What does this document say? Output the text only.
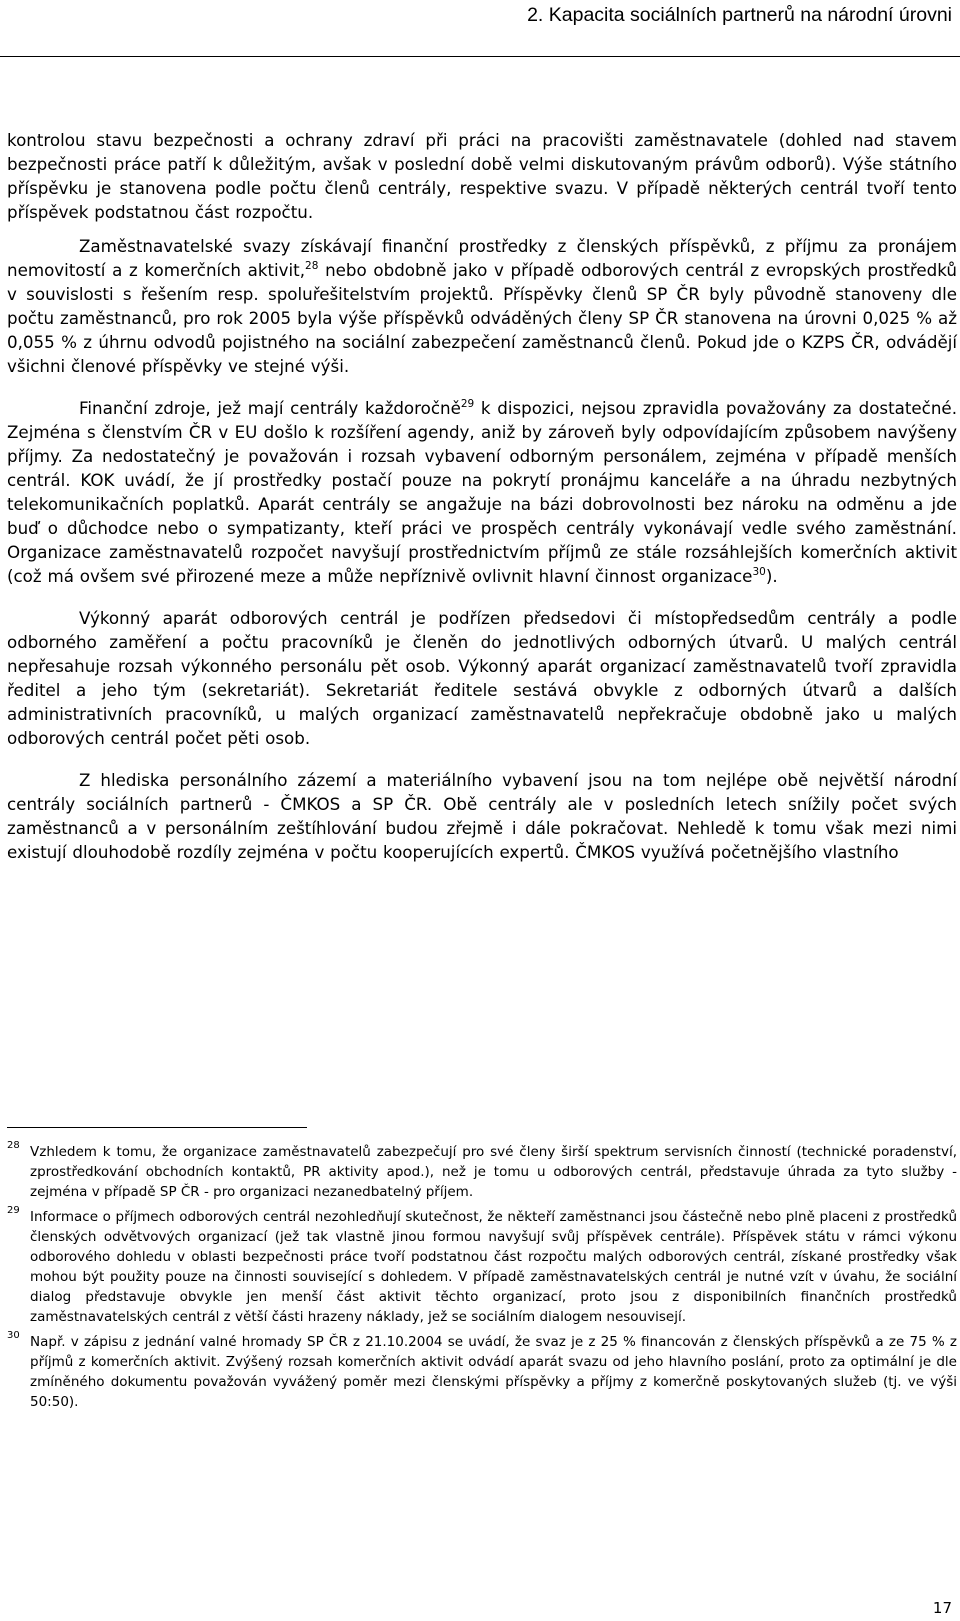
2. Kapacita sociálních partnerů na národní úrovni

kontrolou stavu bezpečnosti a ochrany zdraví při práci na pracovišti zaměstnavatele (dohled nad stavem bezpečnosti práce patří k důležitým, avšak v poslední době velmi diskutovaným právům odborů). Výše státního příspěvku je stanovena podle počtu členů centrály, respektive svazu. V případě některých centrál tvoří tento příspěvek podstatnou část rozpočtu.

Zaměstnavatelské svazy získávají finanční prostředky z členských příspěvků, z příjmu za pronájem nemovitostí a z komerčních aktivit,$^{28}$ nebo obdobně jako v případě odborových centrál z evropských prostředků v souvislosti s řešením resp. spoluřešitelstvím projektů. Příspěvky členů SP ČR byly původně stanoveny dle počtu zaměstnanců, pro rok 2005 byla výše příspěvků odváděných členy SP ČR stanovena na úrovni 0,025 % až 0,055 % z úhrnu odvodů pojistného na sociální zabezpečení zaměstnanců členů. Pokud jde o KZPS ČR, odvádějí všichni členové příspěvky ve stejné výši.

Finanční zdroje, jež mají centrály každoročně$^{29}$ k dispozici, nejsou zpravidla považovány za dostatečné. Zejména s členstvím ČR v EU došlo k rozšíření agendy, aniž by zároveň byly odpovídajícím způsobem navýšeny příjmy. Za nedostatečný je považován i rozsah vybavení odborným personálem, zejména v případě menších centrál. KOK uvádí, že jí prostředky postačí pouze na pokrytí pronájmu kanceláře a na úhradu nezbytných telekomunikačních poplatků. Aparát centrály se angažuje na bázi dobrovolnosti bez nároku na odměnu a jde buď o důchodce nebo o sympatizanty, kteří práci ve prospěch centrály vykonávají vedle svého zaměstnání. Organizace zaměstnavatelů rozpočet navyšují prostřednictvím příjmů ze stále rozsáhlejších komerčních aktivit (což má ovšem své přirozené meze a může nepříznivě ovlivnit hlavní činnost organizace$^{30}$).

Výkonný aparát odborových centrál je podřízen předsedovi či místopředsedům centrály a podle odborného zaměření a počtu pracovníků je členěn do jednotlivých odborných útvarů. U malých centrál nepřesahuje rozsah výkonného personálu pět osob. Výkonný aparát organizací zaměstnavatelů tvoří zpravidla ředitel a jeho tým (sekretariát). Sekretariát ředitele sestává obvykle z odborných útvarů a dalších administrativních pracovníků, u malých organizací zaměstnavatelů nepřekračuje obdobně jako u malých odborových centrál počet pěti osob.

Z hlediska personálního zázemí a materiálního vybavení jsou na tom nejlépe obě největší národní centrály sociálních partnerů - ČMKOS a SP ČR. Obě centrály ale v posledních letech snížily počet svých zaměstnanců a v personálním zeštíhlování budou zřejmě i dále pokračovat. Nehledě k tomu však mezi nimi existují dlouhodobě rozdíly zejména v počtu kooperujících expertů. ČMKOS využívá početnějšího vlastního

28 Vzhledem k tomu, že organizace zaměstnavatelů zabezpečují pro své členy širší spektrum servisních činností (technické poradenství, zprostředkování obchodních kontaktů, PR aktivity apod.), než je tomu u odborových centrál, představuje úhrada za tyto služby - zejména v případě SP ČR - pro organizaci nezanedbatelný příjem.
29 Informace o příjmech odborových centrál nezohledňují skutečnost, že někteří zaměstnanci jsou částečně nebo plně placeni z prostředků členských odvětvových organizací (jež tak vlastně jinou formou navyšují svůj příspěvek centrále). Příspěvek státu v rámci výkonu odborového dohledu v oblasti bezpečnosti práce tvoří podstatnou část rozpočtu malých odborových centrál, získané prostředky však mohou být použity pouze na činnosti související s dohledem. V případě zaměstnavatelských centrál je nutné vzít v úvahu, že sociální dialog představuje obvykle jen menší část aktivit těchto organizací, proto jsou z disponibilních finančních prostředků zaměstnavatelských centrál z větší části hrazeny náklady, jež se sociálním dialogem nesouvisejí.
30 Např. v zápisu z jednání valné hromady SP ČR z 21.10.2004 se uvádí, že svaz je z 25 % financován z členských příspěvků a ze 75 % z příjmů z komerčních aktivit. Zvýšený rozsah komerčních aktivit odvádí aparát svazu od jeho hlavního poslání, proto za optimální je dle zmíněného dokumentu považován vyvážený poměr mezi členskými příspěvky a příjmy z komerčně poskytovaných služeb (tj. ve výši 50:50).
17
